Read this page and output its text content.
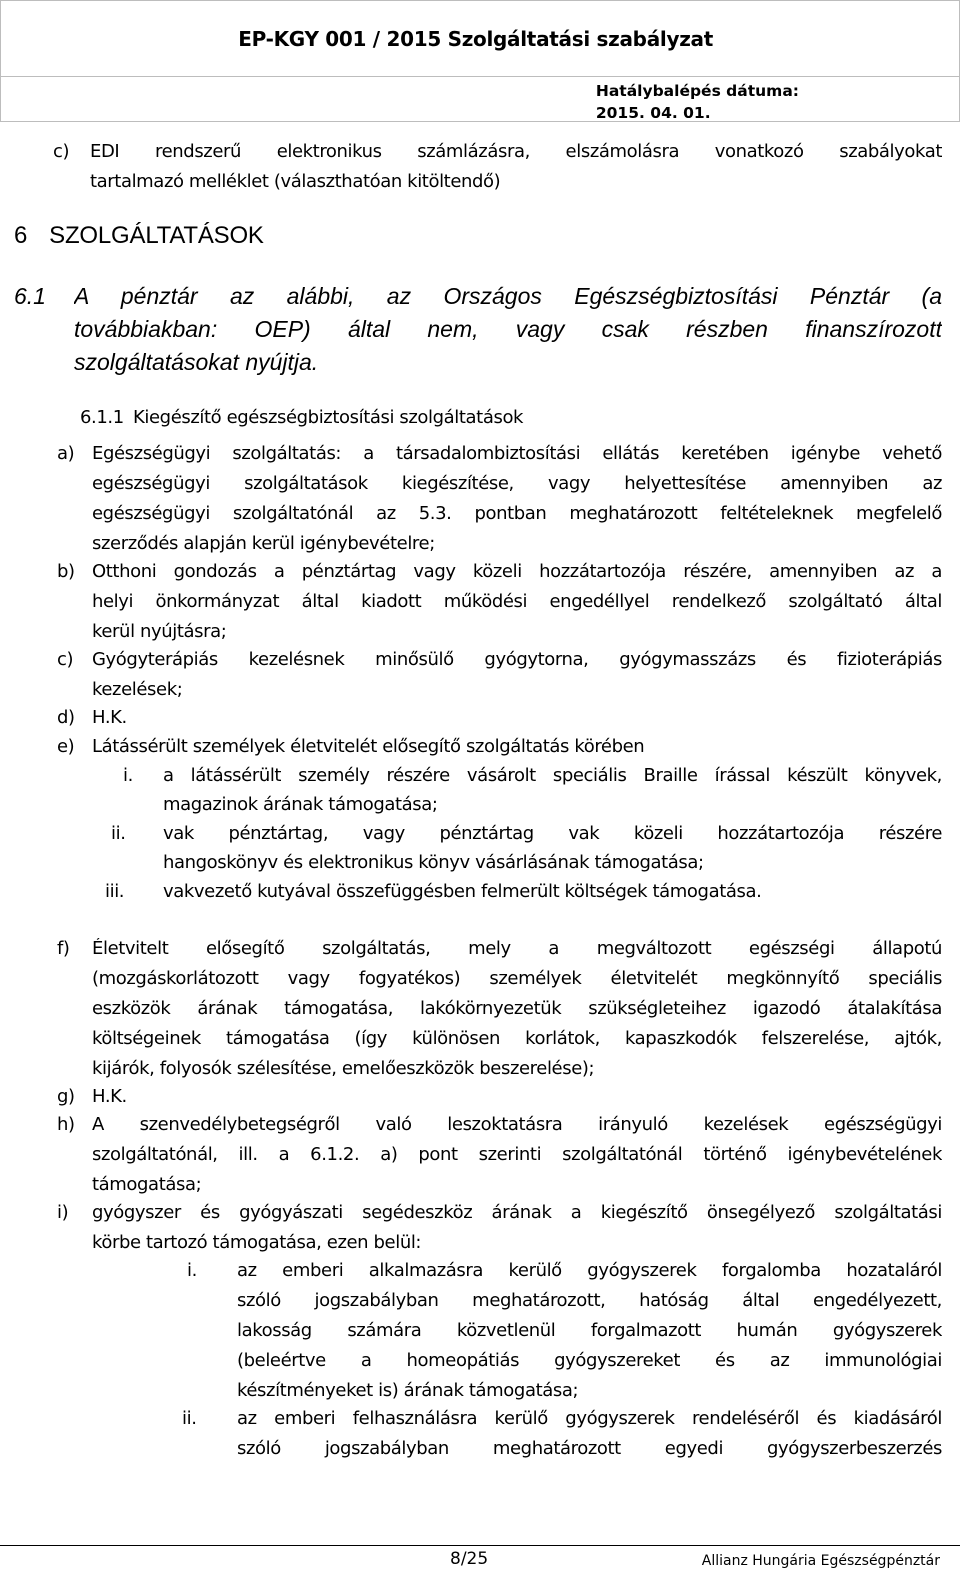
EP-KGY 001 / 2015 Szolgáltatási szabályzat
Hatálybalépés dátuma:
2015. 04. 01.
c) EDI rendszerű elektronikus számlázásra, elszámolásra vonatkozó szabályokat
tartalmazó melléklet (választhatóan kitöltendő)
6 SZOLGÁLTATÁSOK
6.1 A pénztár az alábbi, az Országos Egészségbiztosítási Pénztár (a
továbbiakban: OEP) által nem, vagy csak részben finanszírozott
szolgáltatásokat nyújtja.
6.1.1 Kiegészítő egészségbiztosítási szolgáltatások
a) Egészségügyi szolgáltatás: a társadalombiztosítási ellátás keretében igénybe vehető
egészségügyi szolgáltatások kiegészítése, vagy helyettesítése amennyiben az
egészségügyi szolgáltatónál az 5.3. pontban meghatározott feltételeknek megfelelő
szerződés alapján kerül igénybevételre;
b) Otthoni gondozás a pénztártag vagy közeli hozzátartozója részére, amennyiben az a
helyi önkormányzat által kiadott működési engedéllyel rendelkező szolgáltató által
kerül nyújtásra;
c) Gyógyterápiás kezelésnek minősülő gyógytorna, gyógymasszázs és fizioterápiás
kezelések;
d) H.K.
e) Látássérült személyek életvitelét elősegítő szolgáltatás körében
i. a látássérült személy részére vásárolt speciális Braille írással készült könyvek,
magazinok árának támogatása;
ii. vak pénztártag, vagy pénztártag vak közeli hozzátartozója részére
hangoskönyv és elektronikus könyv vásárlásának támogatása;
iii. vakvezető kutyával összefüggésben felmerült költségek támogatása.
f) Életvitelt elősegítő szolgáltatás, mely a megváltozott egészségi állapotú
(mozgáskorlátozott vagy fogyatékos) személyek életvitelét megkönnyítő speciális
eszközök árának támogatása, lakókörnyezetük szükségleteihez igazodó átalakítása
költségeinek támogatása (így különösen korlátok, kapaszkodók felszerelése, ajtók,
kijárók, folyosók szélesítése, emelőeszközök beszerelése);
g) H.K.
h) A szenvedélybetegségről való leszoktatásra irányuló kezelések egészségügyi
szolgáltatónál, ill. a 6.1.2. a) pont szerinti szolgáltatónál történő igénybevételének
támogatása;
i) gyógyszer és gyógyászati segédeszköz árának a kiegészítő önsegélyező szolgáltatási
körbe tartozó támogatása, ezen belül:
i. az emberi alkalmazásra kerülő gyógyszerek forgalomba hozataláról
szóló jogszabályban meghatározott, hatóság által engedélyezett,
lakosság számára közvetlenül forgalmazott humán gyógyszerek
(beleértve a homeopátiás gyógyszereket és az immunológiai
készítményeket is) árának támogatása;
ii. az emberi felhasználásra kerülő gyógyszerek rendeléséről és kiadásáról
szóló jogszabályban meghatározott egyedi gyógyszerbeszerzés
8/25	Allianz Hungária Egészségpénztár
